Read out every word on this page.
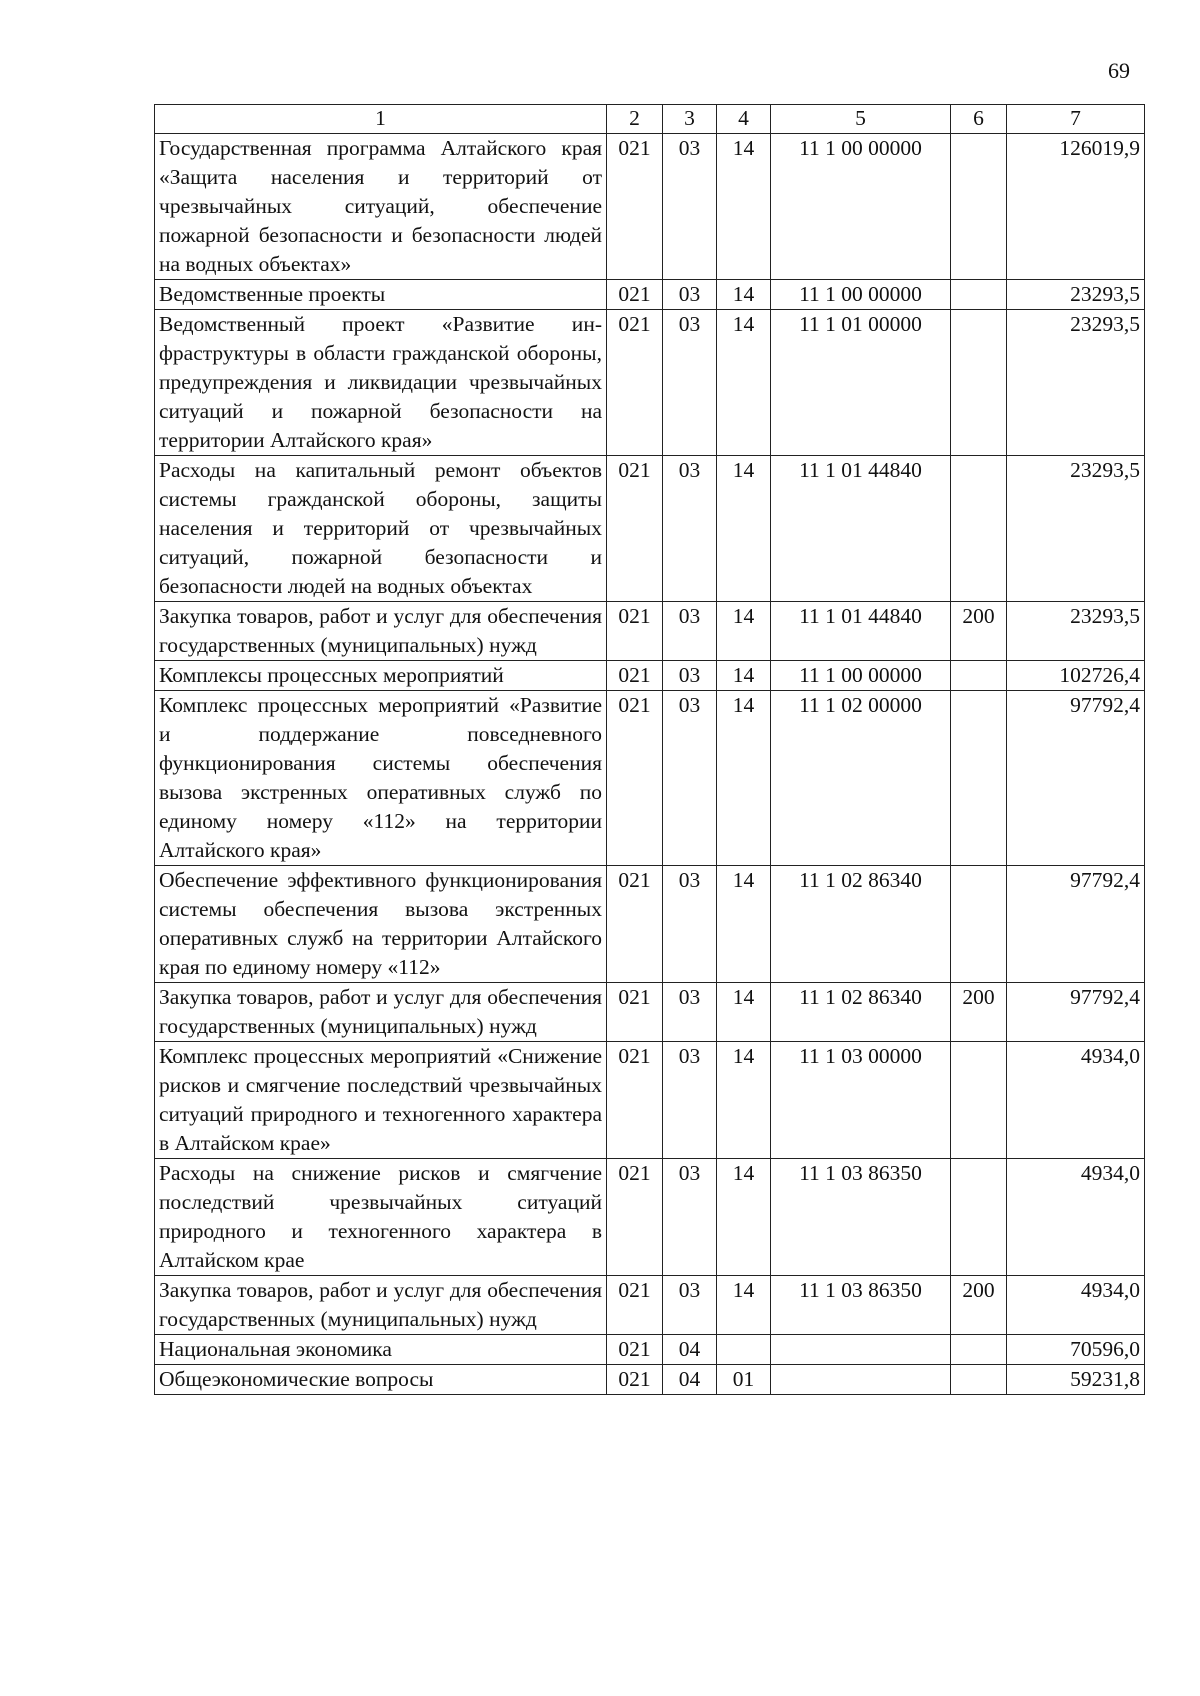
69
1	2	3	4	5	6	7
Государственная программа Алтайского края «Защита населения и территорий от чрезвычайных ситуаций, обеспечение пожарной безопасности и безопасности людей на водных объектах»	021	03	14	11 1 00 00000		126019,9
Ведомственные проекты	021	03	14	11 1 00 00000		23293,5
Ведомственный проект «Развитие инфраструктуры в области гражданской обороны, предупреждения и ликвидации чрезвычайных ситуаций и пожарной безопасности на территории Алтайского края»	021	03	14	11 1 01 00000		23293,5
Расходы на капитальный ремонт объектов системы гражданской обороны, защиты населения и территорий от чрезвычайных ситуаций, пожарной безопасности и безопасности людей на водных объектах	021	03	14	11 1 01 44840		23293,5
Закупка товаров, работ и услуг для обеспечения государственных (муниципальных) нужд	021	03	14	11 1 01 44840	200	23293,5
Комплексы процессных мероприятий	021	03	14	11 1 00 00000		102726,4
Комплекс процессных мероприятий «Развитие и поддержание повседневного функционирования системы обеспечения вызова экстренных оперативных служб по единому номеру «112» на территории Алтайского края»	021	03	14	11 1 02 00000		97792,4
Обеспечение эффективного функционирования системы обеспечения вызова экстренных оперативных служб на территории Алтайского края по единому номеру «112»	021	03	14	11 1 02 86340		97792,4
Закупка товаров, работ и услуг для обеспечения государственных (муниципальных) нужд	021	03	14	11 1 02 86340	200	97792,4
Комплекс процессных мероприятий «Снижение рисков и смягчение последствий чрезвычайных ситуаций природного и техногенного характера в Алтайском крае»	021	03	14	11 1 03 00000		4934,0
Расходы на снижение рисков и смягчение последствий чрезвычайных ситуаций природного и техногенного характера в Алтайском крае	021	03	14	11 1 03 86350		4934,0
Закупка товаров, работ и услуг для обеспечения государственных (муниципальных) нужд	021	03	14	11 1 03 86350	200	4934,0
Национальная экономика	021	04				70596,0
Общеэкономические вопросы	021	04	01			59231,8
